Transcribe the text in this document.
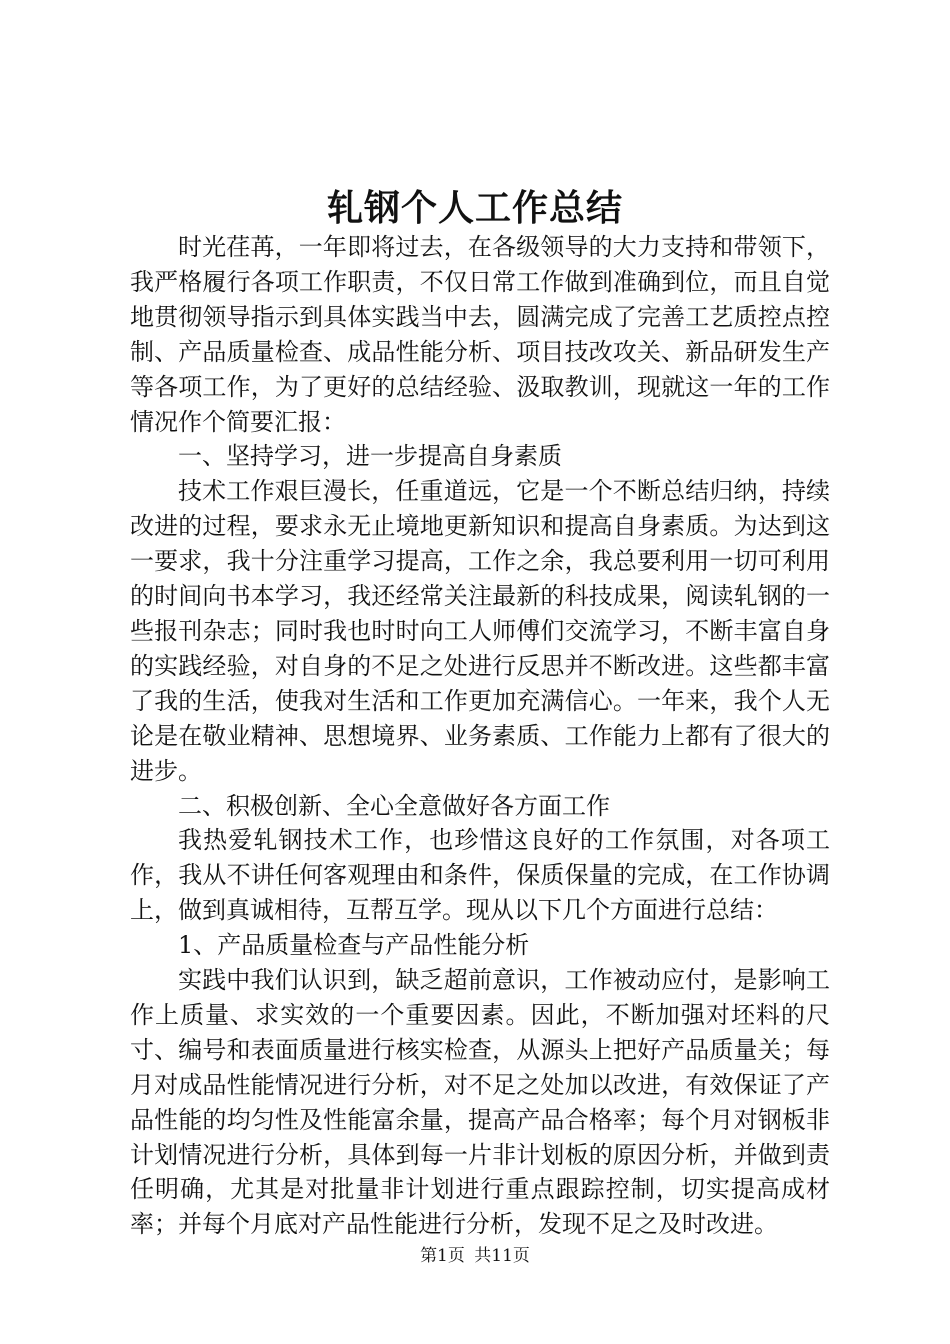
轧钢个人工作总结

时光荏苒，一年即将过去，在各级领导的大力支持和带领下，我严格履行各项工作职责，不仅日常工作做到准确到位，而且自觉地贯彻领导指示到具体实践当中去，圆满完成了完善工艺质控点控制、产品质量检查、成品性能分析、项目技改攻关、新品研发生产等各项工作，为了更好的总结经验、汲取教训，现就这一年的工作情况作个简要汇报：

一、坚持学习，进一步提高自身素质

技术工作艰巨漫长，任重道远，它是一个不断总结归纳，持续改进的过程，要求永无止境地更新知识和提高自身素质。为达到这一要求，我十分注重学习提高，工作之余，我总要利用一切可利用的时间向书本学习，我还经常关注最新的科技成果，阅读轧钢的一些报刊杂志；同时我也时时向工人师傅们交流学习，不断丰富自身的实践经验，对自身的不足之处进行反思并不断改进。这些都丰富了我的生活，使我对生活和工作更加充满信心。一年来，我个人无论是在敬业精神、思想境界、业务素质、工作能力上都有了很大的进步。

二、积极创新、全心全意做好各方面工作

我热爱轧钢技术工作，也珍惜这良好的工作氛围，对各项工作，我从不讲任何客观理由和条件，保质保量的完成，在工作协调上，做到真诚相待，互帮互学。现从以下几个方面进行总结：

1、产品质量检查与产品性能分析

实践中我们认识到，缺乏超前意识，工作被动应付，是影响工作上质量、求实效的一个重要因素。因此，不断加强对坯料的尺寸、编号和表面质量进行核实检查，从源头上把好产品质量关；每月对成品性能情况进行分析，对不足之处加以改进，有效保证了产品性能的均匀性及性能富余量，提高产品合格率；每个月对钢板非计划情况进行分析，具体到每一片非计划板的原因分析，并做到责任明确，尤其是对批量非计划进行重点跟踪控制，切实提高成材率；并每个月底对产品性能进行分析，发现不足之及时改进。

第1页 共11页
